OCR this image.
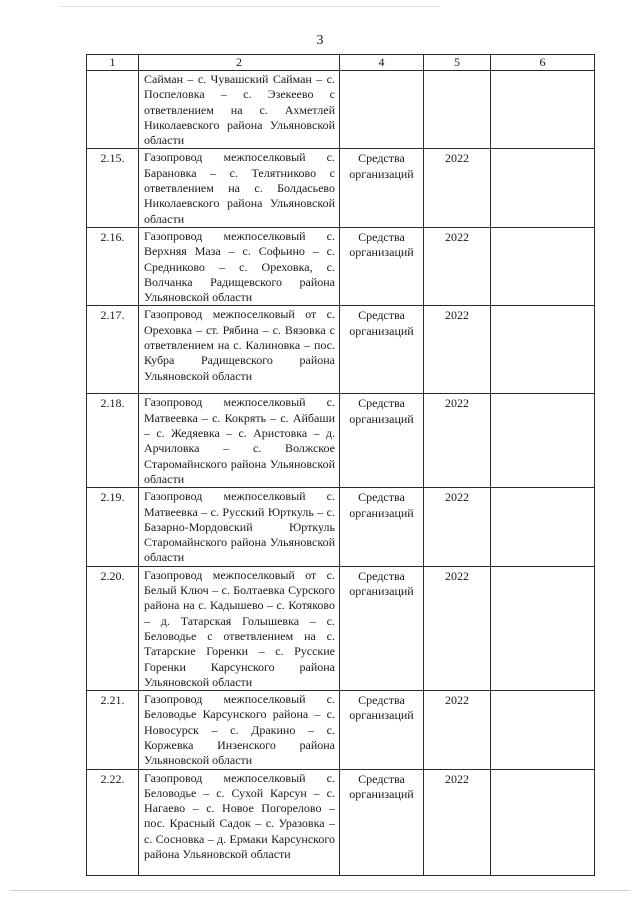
3
1	2	4	5	6
	Сайман – с. Чувашский Сайман – с. Поспеловка – с. Эзекеево с ответвлением на с. Ахметлей Николаевского района Ульяновской области			
2.15.	Газопровод межпоселковый с. Барановка – с. Телятниково с ответвлением на с. Болдасьево Николаевского района Ульяновской области	Средства организаций	2022	
2.16.	Газопровод межпоселковый с. Верхняя Маза – с. Софьино – с. Средниково – с. Ореховка, с. Волчанка Радищевского района Ульяновской области	Средства организаций	2022	
2.17.	Газопровод межпоселковый от с. Ореховка – ст. Рябина – с. Вязовка с ответвлением на с. Калиновка – пос. Кубра Радищевского района Ульяновской области	Средства организаций	2022	
2.18.	Газопровод межпоселковый с. Матвеевка – с. Кокрять – с. Айбаши – с. Жедяевка – с. Аристовка – д. Арчиловка – с. Волжское Старомайнского района Ульяновской области	Средства организаций	2022	
2.19.	Газопровод межпоселковый с. Матвеевка – с. Русский Юрткуль – с. Базарно-Мордовский Юрткуль Старомайнского района Ульяновской области	Средства организаций	2022	
2.20.	Газопровод межпоселковый от с. Белый Ключ – с. Болтаевка Сурского района на с. Кадышево – с. Котяково – д. Татарская Голышевка – с. Беловодье с ответвлением на с. Татарские Горенки – с. Русские Горенки Карсунского района Ульяновской области	Средства организаций	2022	
2.21.	Газопровод межпоселковый с. Беловодье Карсунского района – с. Новосурск – с. Дракино – с. Коржевка Инзенского района Ульяновской области	Средства организаций	2022	
2.22.	Газопровод межпоселковый с. Беловодье – с. Сухой Карсун – с. Нагаево – с. Новое Погорелово – пос. Красный Садок – с. Уразовка – с. Сосновка – д. Ермаки Карсунского района Ульяновской области	Средства организаций	2022	
